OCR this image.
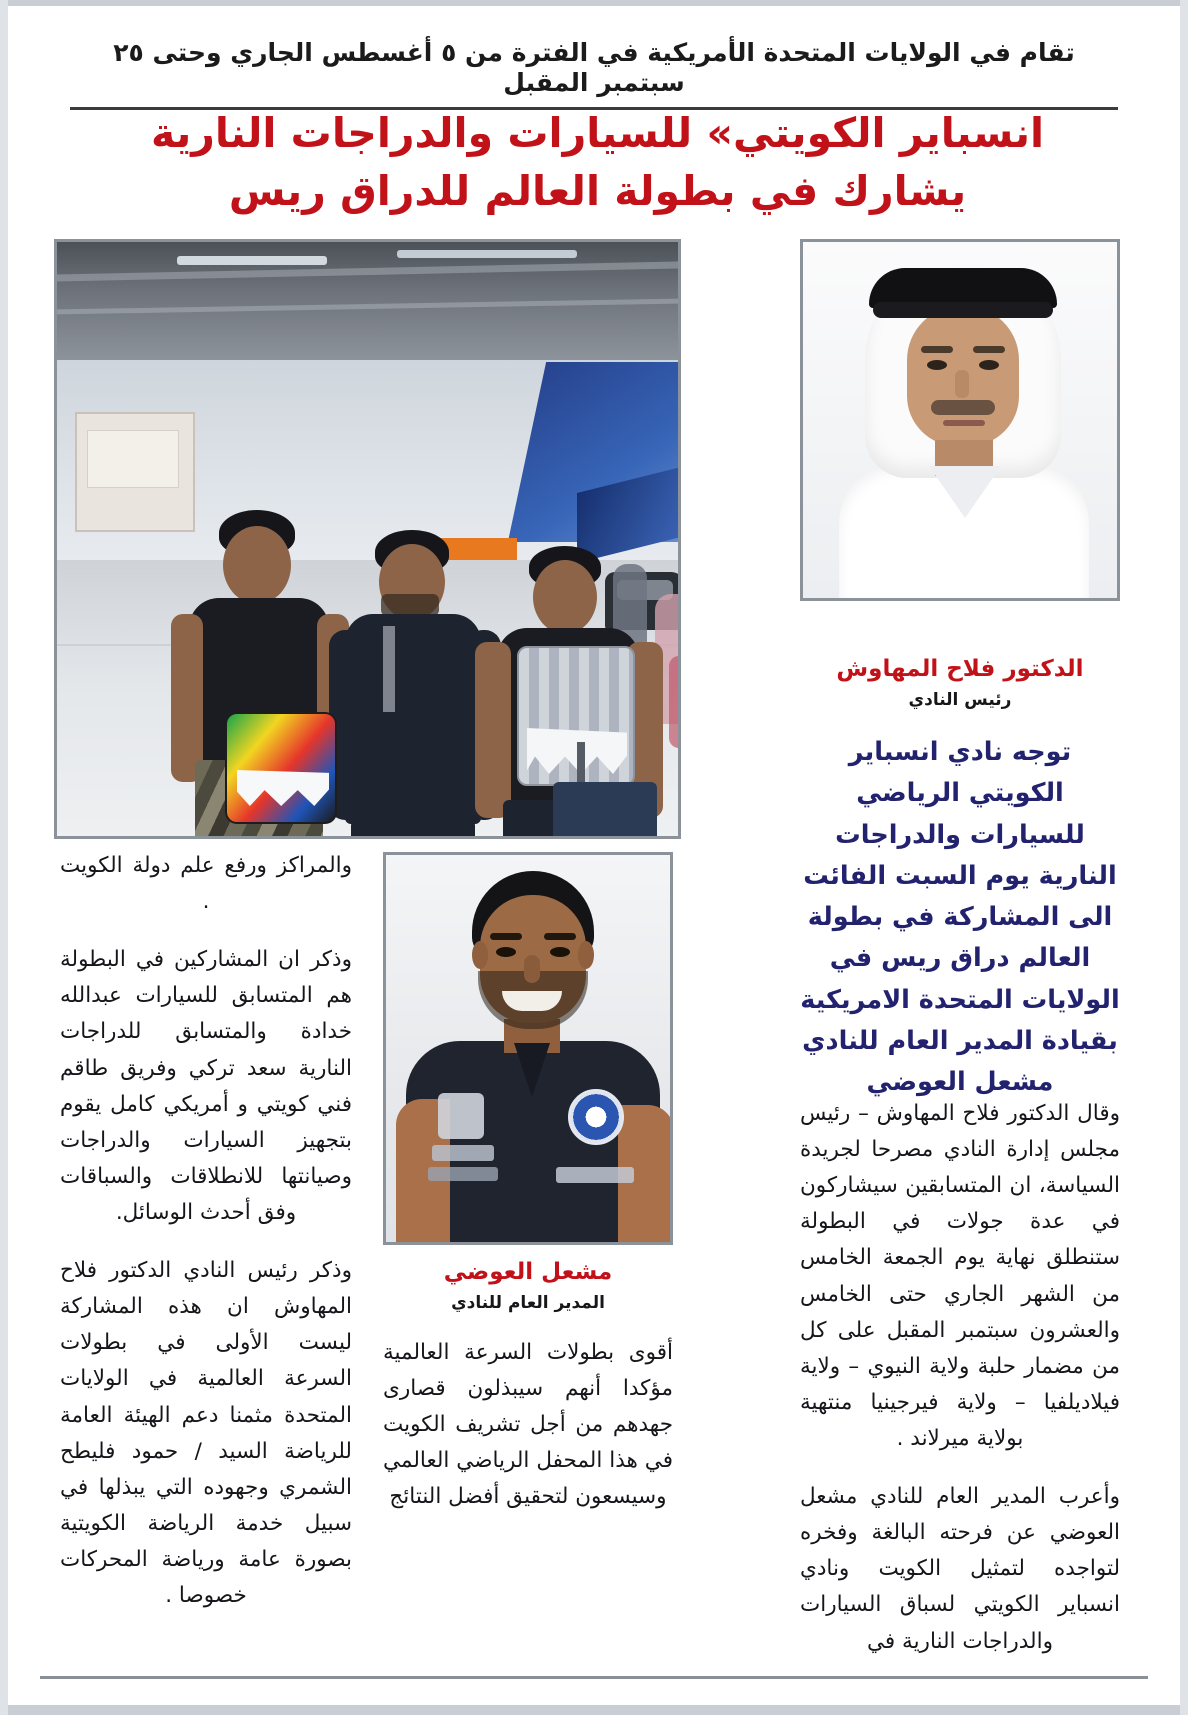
تقام في الولايات المتحدة الأمريكية في الفترة من ٥ أغسطس الجاري وحتى ٢٥ سبتمبر المقبل
انسباير الكويتي» للسيارات والدراجات النارية
يشارك في بطولة العالم للدراق ريس
الدكتور فلاح المهاوش
رئيس النادي
توجه نادي انسباير الكويتي الرياضي للسيارات والدراجات النارية يوم السبت الفائت الى المشاركة في بطولة العالم دراق ريس في الولايات المتحدة الامريكية بقيادة المدير العام للنادي مشعل العوضي

وقال الدكتور فلاح المهاوش – رئيس مجلس إدارة النادي مصرحا لجريدة السياسة، ان المتسابقين سيشاركون في عدة جولات في البطولة ستنطلق نهاية يوم الجمعة الخامس من الشهر الجاري حتى الخامس والعشرون سبتمبر المقبل على كل من مضمار حلبة ولاية النيوي – ولاية فيلاديلفيا – ولاية فيرجينيا منتهية بولاية ميرلاند .

وأعرب المدير العام للنادي مشعل العوضي عن فرحته البالغة وفخره لتواجده لتمثيل الكويت ونادي انسباير الكويتي لسباق السيارات والدراجات النارية في

مشعل العوضي
المدير العام للنادي

أقوى بطولات السرعة العالمية مؤكدا أنهم سيبذلون قصارى جهدهم من أجل تشريف الكويت في هذا المحفل الرياضي العالمي وسيسعون لتحقيق أفضل النتائج

والمراكز ورفع علم دولة الكويت .

وذكر ان المشاركين في البطولة هم المتسابق للسيارات عبدالله خدادة والمتسابق للدراجات النارية سعد تركي وفريق طاقم فني كويتي و أمريكي كامل يقوم بتجهيز السيارات والدراجات وصيانتها للانطلاقات والسباقات وفق أحدث الوسائل.

وذكر رئيس النادي الدكتور فلاح المهاوش ان هذه المشاركة ليست الأولى في بطولات السرعة العالمية في الولايات المتحدة مثمنا دعم الهيئة العامة للرياضة السيد / حمود فليطح الشمري وجهوده التي يبذلها في سبيل خدمة الرياضة الكويتية بصورة عامة ورياضة المحركات خصوصا .
